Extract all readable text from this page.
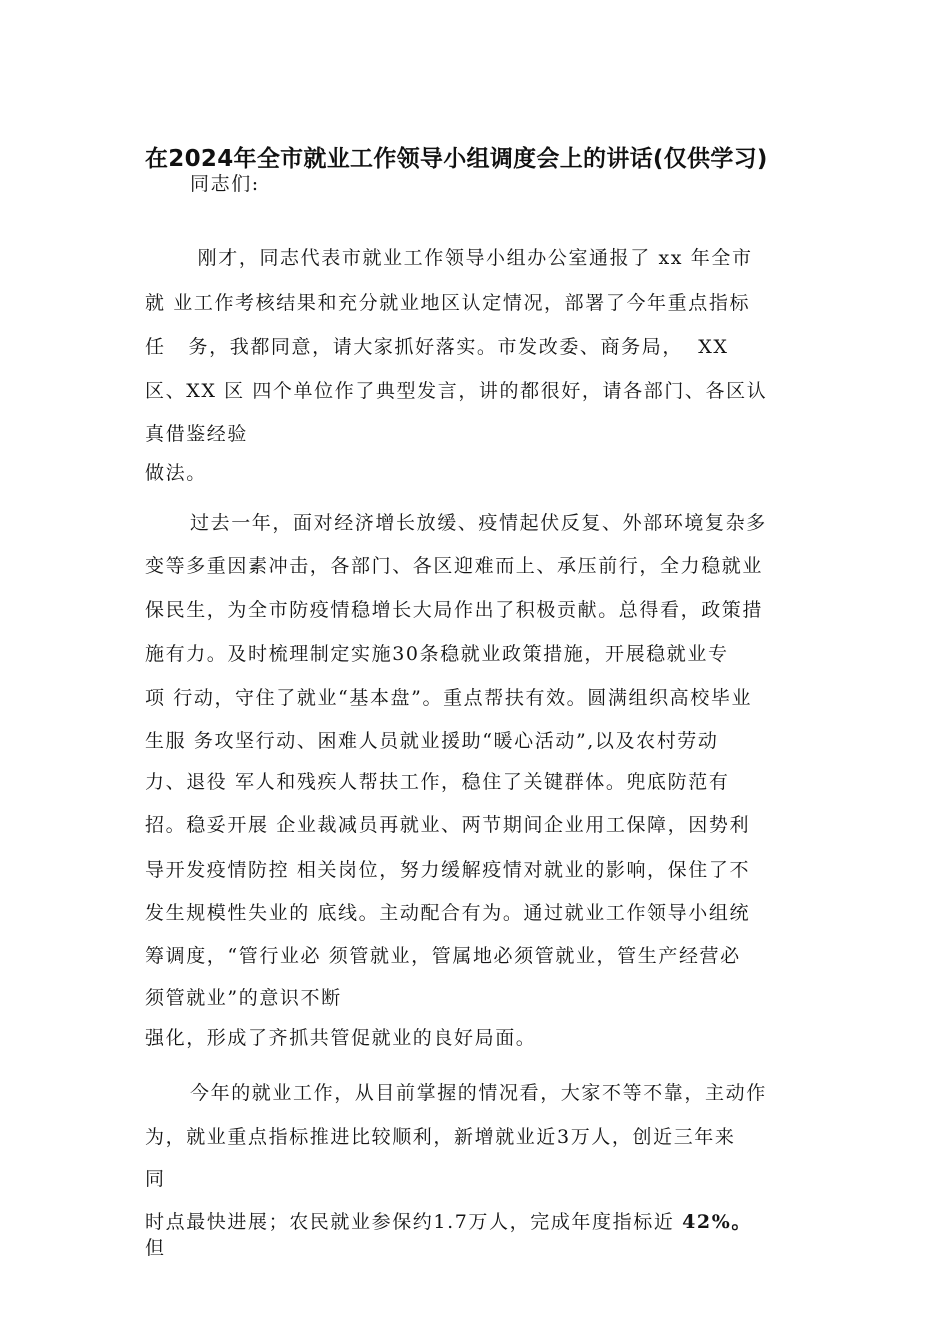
在2024年全市就业工作领导小组调度会上的讲话(仅供学习)
同志们:
刚才，同志代表市就业工作领导小组办公室通报了 xx 年全市
就 业工作考核结果和充分就业地区认定情况，部署了今年重点指标
任   务，我都同意，请大家抓好落实。市发改委、商务局，  XX
区、XX 区 四个单位作了典型发言，讲的都很好，请各部门、各区认
真借鉴经验
做法。
过去一年，面对经济增长放缓、疫情起伏反复、外部环境复杂多
变等多重因素冲击，各部门、各区迎难而上、承压前行，全力稳就业
保民生，为全市防疫情稳增长大局作出了积极贡献。总得看，政策措
施有力。及时梳理制定实施30条稳就业政策措施，开展稳就业专
项 行动，守住了就业“基本盘”。重点帮扶有效。圆满组织高校毕业
生服 务攻坚行动、困难人员就业援助“暖心活动”,以及农村劳动
力、退役 军人和残疾人帮扶工作，稳住了关键群体。兜底防范有
招。稳妥开展 企业裁减员再就业、两节期间企业用工保障，因势利
导开发疫情防控 相关岗位，努力缓解疫情对就业的影响，保住了不
发生规模性失业的 底线。主动配合有为。通过就业工作领导小组统
筹调度，“管行业必 须管就业，管属地必须管就业，管生产经营必
须管就业”的意识不断
强化，形成了齐抓共管促就业的良好局面。
今年的就业工作，从目前掌握的情况看，大家不等不靠，主动作
为，就业重点指标推进比较顺利，新增就业近3万人，创近三年来
同
时点最快进展；农民就业参保约1.7万人，完成年度指标近 42%。
但
